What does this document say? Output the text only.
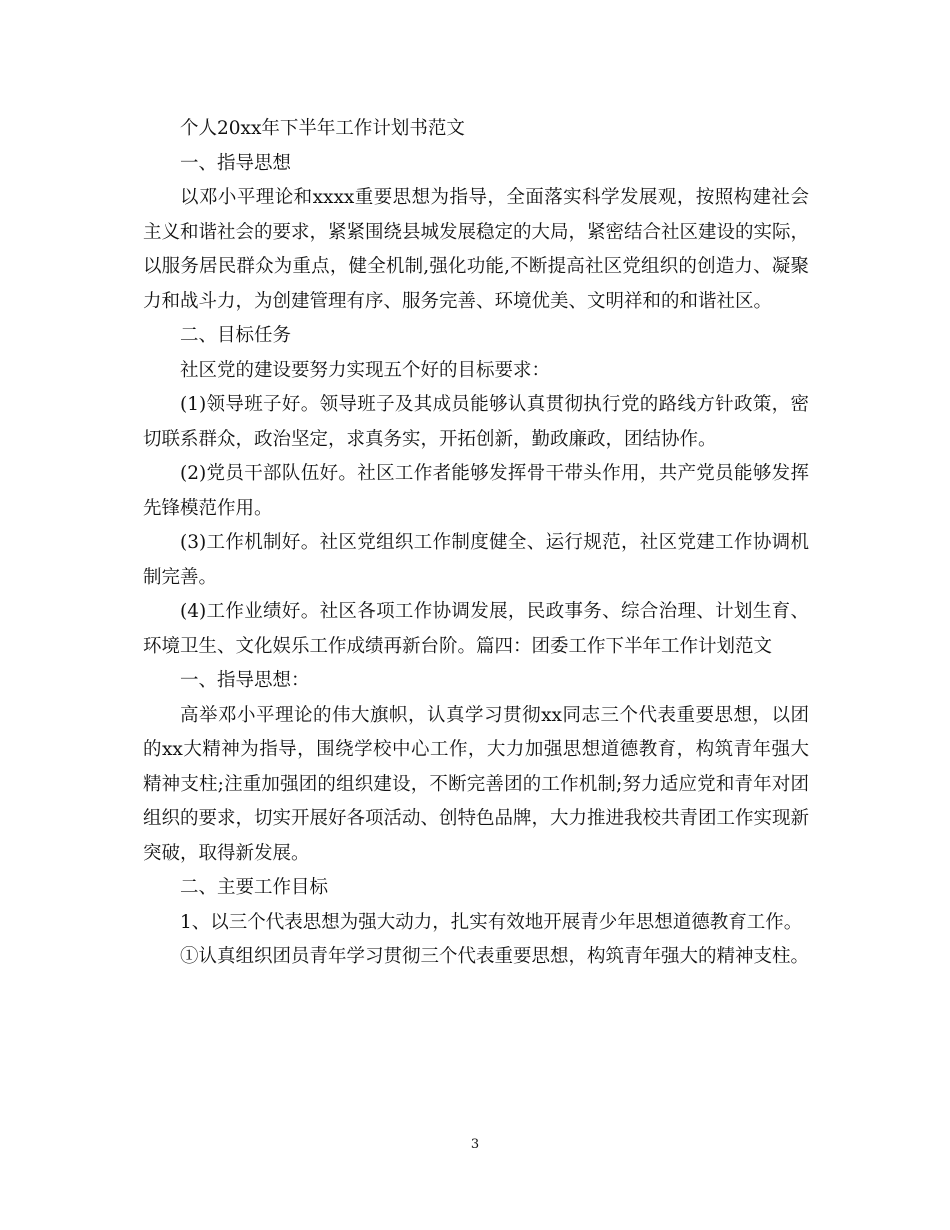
个人20xx年下半年工作计划书范文

一、指导思想

以邓小平理论和xxxx重要思想为指导，全面落实科学发展观，按照构建社会主义和谐社会的要求，紧紧围绕县城发展稳定的大局，紧密结合社区建设的实际，以服务居民群众为重点，健全机制,强化功能,不断提高社区党组织的创造力、凝聚力和战斗力，为创建管理有序、服务完善、环境优美、文明祥和的和谐社区。

二、目标任务

社区党的建设要努力实现五个好的目标要求：

(1)领导班子好。领导班子及其成员能够认真贯彻执行党的路线方针政策，密切联系群众，政治坚定，求真务实，开拓创新，勤政廉政，团结协作。

(2)党员干部队伍好。社区工作者能够发挥骨干带头作用，共产党员能够发挥先锋模范作用。

(3)工作机制好。社区党组织工作制度健全、运行规范，社区党建工作协调机制完善。

(4)工作业绩好。社区各项工作协调发展，民政事务、综合治理、计划生育、环境卫生、文化娱乐工作成绩再新台阶。篇四：团委工作下半年工作计划范文

一、指导思想：

高举邓小平理论的伟大旗帜，认真学习贯彻xx同志三个代表重要思想，以团的xx大精神为指导，围绕学校中心工作，大力加强思想道德教育，构筑青年强大精神支柱;注重加强团的组织建设，不断完善团的工作机制;努力适应党和青年对团组织的要求，切实开展好各项活动、创特色品牌，大力推进我校共青团工作实现新突破，取得新发展。

二、主要工作目标

1、以三个代表思想为强大动力，扎实有效地开展青少年思想道德教育工作。

①认真组织团员青年学习贯彻三个代表重要思想，构筑青年强大的精神支柱。

3
